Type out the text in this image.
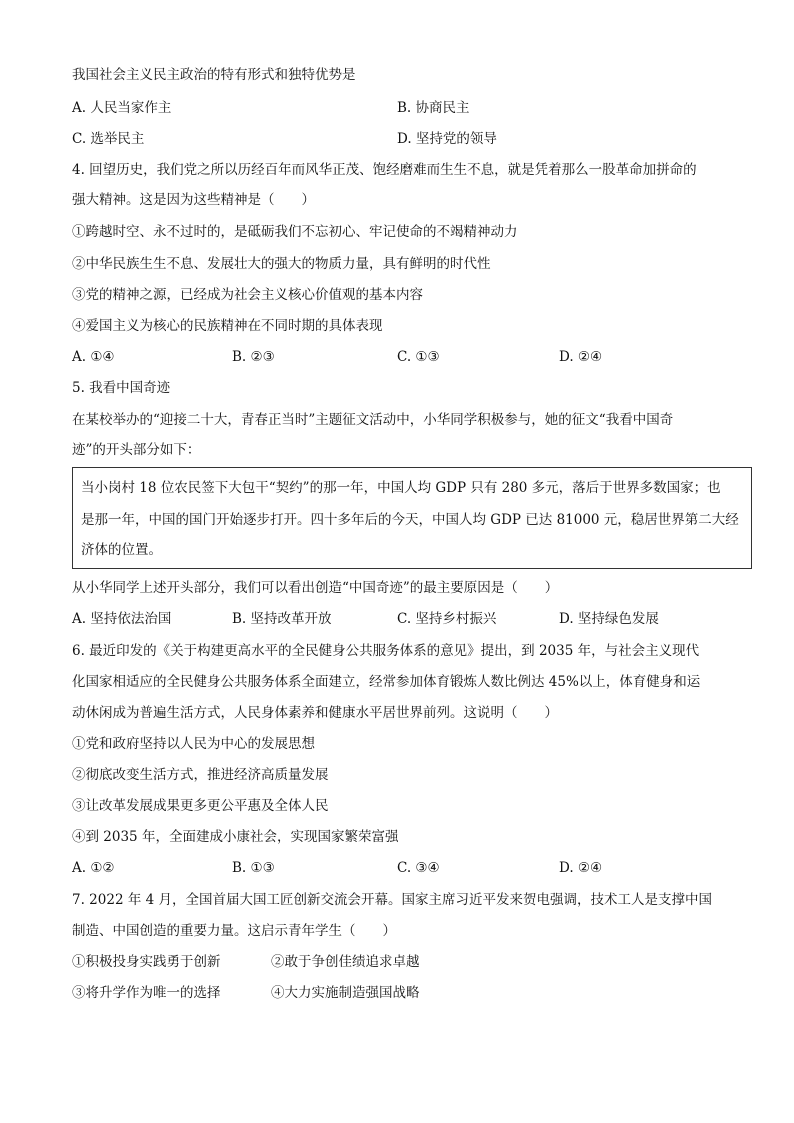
我国社会主义民主政治的特有形式和独特优势是
A. 人民当家作主	B. 协商民主
C. 选举民主	D. 坚持党的领导
4. 回望历史，我们党之所以历经百年而风华正茂、饱经磨难而生生不息，就是凭着那么一股革命加拼命的
强大精神。这是因为这些精神是（　　）
①跨越时空、永不过时的，是砥砺我们不忘初心、牢记使命的不竭精神动力
②中华民族生生不息、发展壮大的强大的物质力量，具有鲜明的时代性
③党的精神之源，已经成为社会主义核心价值观的基本内容
④爱国主义为核心的民族精神在不同时期的具体表现
A. ①④	B. ②③	C. ①③	D. ②④
5. 我看中国奇迹
在某校举办的“迎接二十大，青春正当时”主题征文活动中，小华同学积极参与，她的征文“我看中国奇
迹”的开头部分如下：
当小岗村 18 位农民签下大包干“契约”的那一年，中国人均 GDP 只有 280 多元，落后于世界多数国家；也
是那一年，中国的国门开始逐步打开。四十多年后的今天，中国人均 GDP 已达 81000 元，稳居世界第二大经
济体的位置。
从小华同学上述开头部分，我们可以看出创造“中国奇迹”的最主要原因是（　　）
A. 坚持依法治国	B. 坚持改革开放	C. 坚持乡村振兴	D. 坚持绿色发展
6. 最近印发的《关于构建更高水平的全民健身公共服务体系的意见》提出，到 2035 年，与社会主义现代
化国家相适应的全民健身公共服务体系全面建立，经常参加体育锻炼人数比例达 45%以上，体育健身和运
动休闲成为普遍生活方式，人民身体素养和健康水平居世界前列。这说明（　　）
①党和政府坚持以人民为中心的发展思想
②彻底改变生活方式，推进经济高质量发展
③让改革发展成果更多更公平惠及全体人民
④到 2035 年，全面建成小康社会，实现国家繁荣富强
A. ①②	B. ①③	C. ③④	D. ②④
7. 2022 年 4 月，全国首届大国工匠创新交流会开幕。国家主席习近平发来贺电强调，技术工人是支撑中国
制造、中国创造的重要力量。这启示青年学生（　　）
①积极投身实践勇于创新	②敢于争创佳绩追求卓越
③将升学作为唯一的选择	④大力实施制造强国战略
